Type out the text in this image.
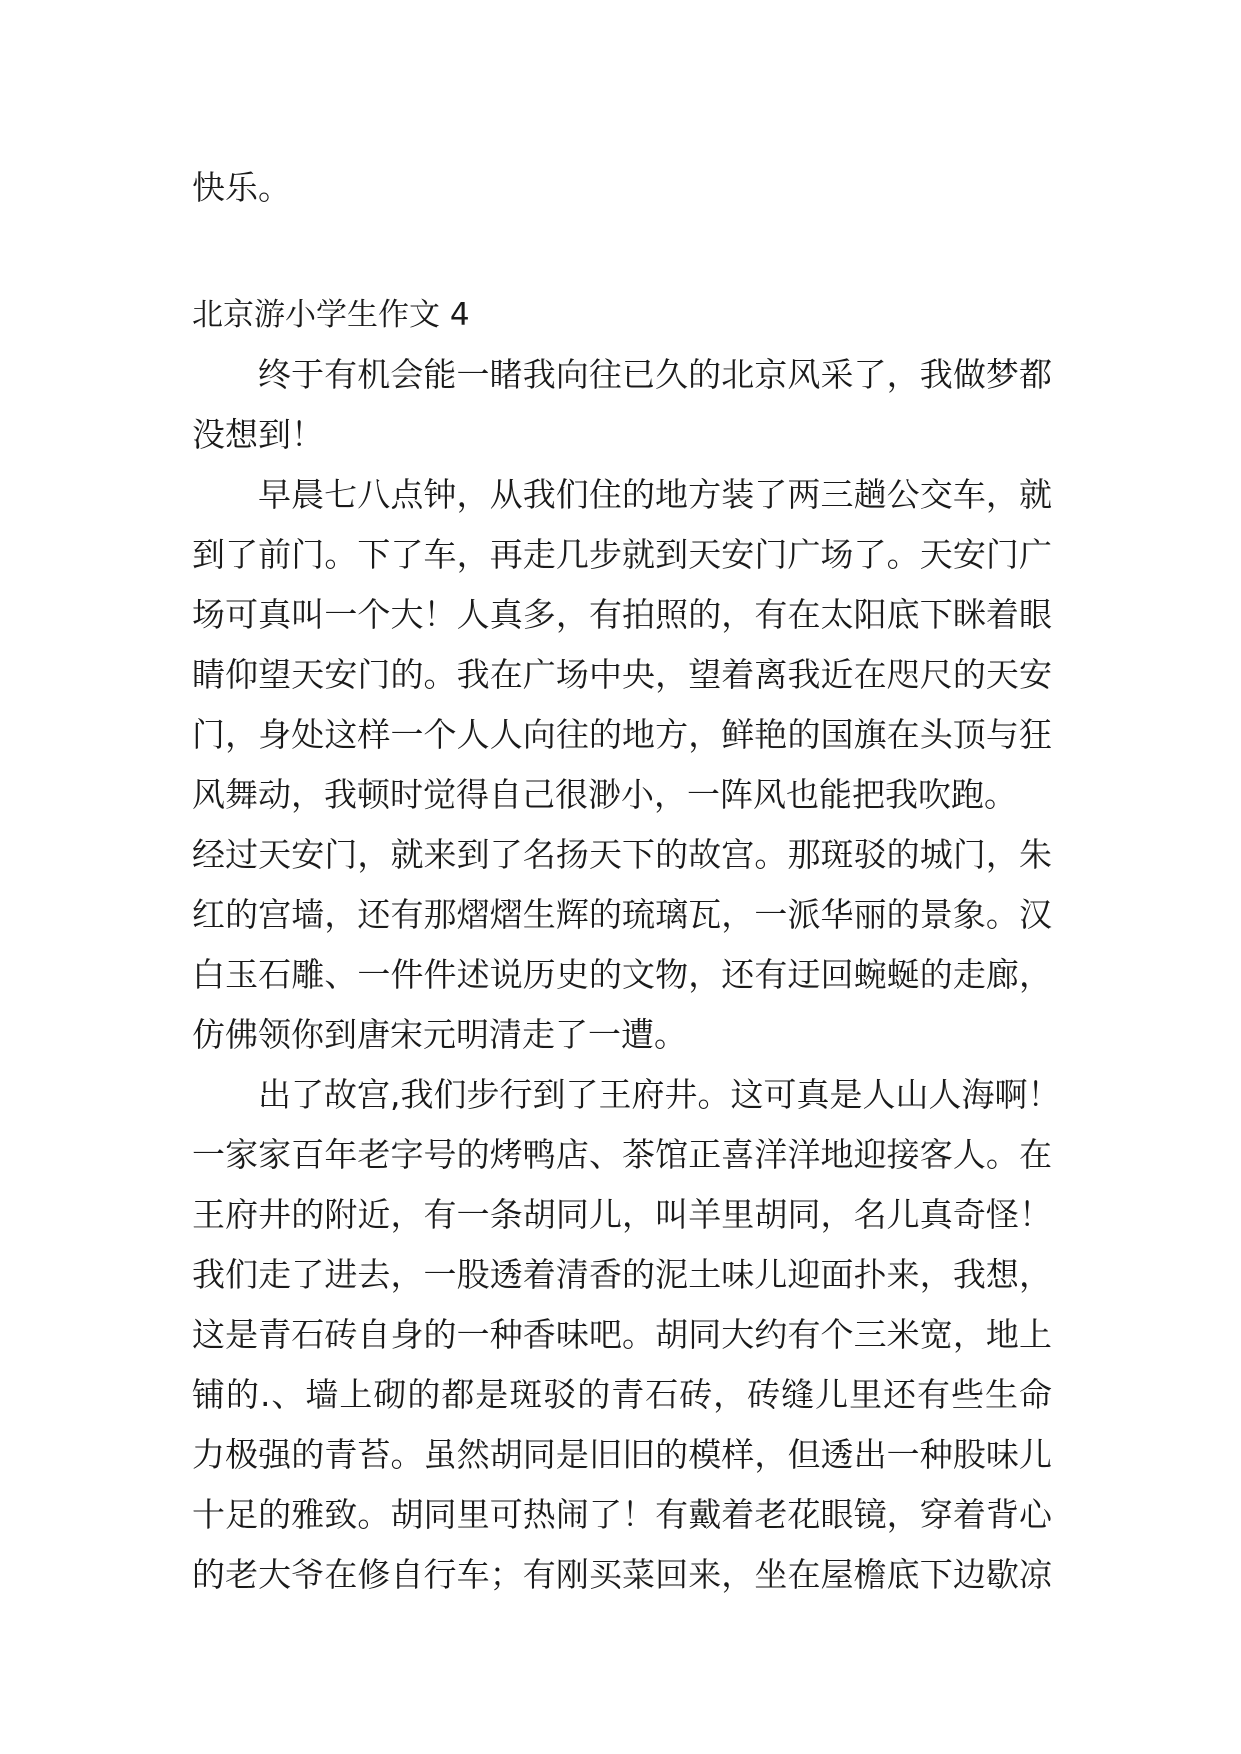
快乐。
北京游小学生作文 4
终于有机会能一睹我向往已久的北京风采了，我做梦都
没想到！
早晨七八点钟，从我们住的地方装了两三趟公交车，就
到了前门。下了车，再走几步就到天安门广场了。天安门广
场可真叫一个大！人真多，有拍照的，有在太阳底下眯着眼
睛仰望天安门的。我在广场中央，望着离我近在咫尺的天安
门，身处这样一个人人向往的地方，鲜艳的国旗在头顶与狂
风舞动，我顿时觉得自己很渺小，一阵风也能把我吹跑。
经过天安门，就来到了名扬天下的故宫。那斑驳的城门，朱
红的宫墙，还有那熠熠生辉的琉璃瓦，一派华丽的景象。汉
白玉石雕、一件件述说历史的文物，还有迂回蜿蜒的走廊，
仿佛领你到唐宋元明清走了一遭。
出了故宫,我们步行到了王府井。这可真是人山人海啊！
一家家百年老字号的烤鸭店、茶馆正喜洋洋地迎接客人。在
王府井的附近，有一条胡同儿，叫羊里胡同，名儿真奇怪！
我们走了进去，一股透着清香的泥土味儿迎面扑来，我想，
这是青石砖自身的一种香味吧。胡同大约有个三米宽，地上
铺的.、墙上砌的都是斑驳的青石砖，砖缝儿里还有些生命
力极强的青苔。虽然胡同是旧旧的模样，但透出一种股味儿
十足的雅致。胡同里可热闹了！有戴着老花眼镜，穿着背心
的老大爷在修自行车；有刚买菜回来，坐在屋檐底下边歇凉
